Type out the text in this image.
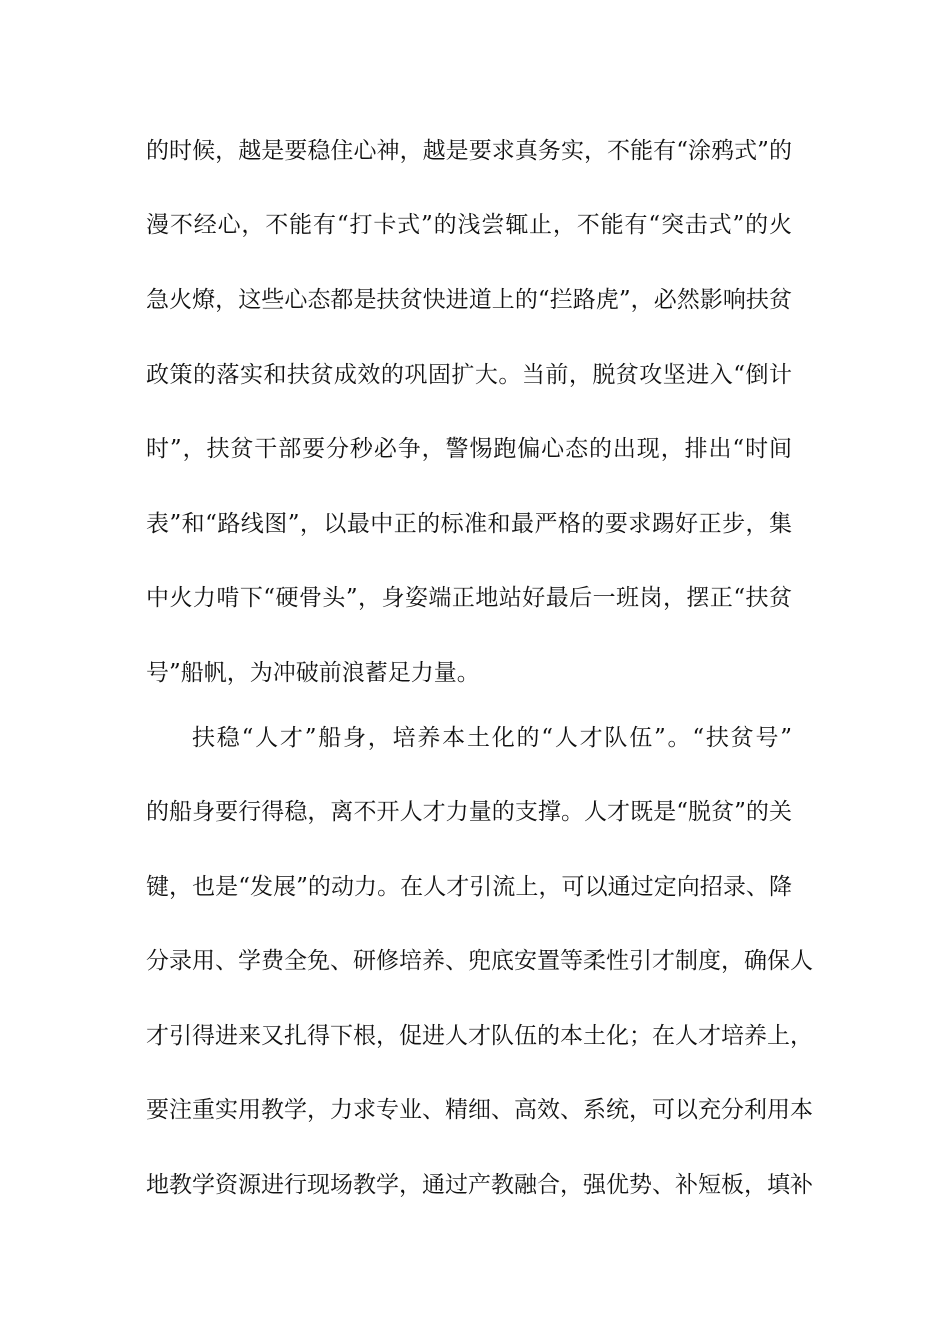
的时候，越是要稳住心神，越是要求真务实，不能有“涂鸦式”的
漫不经心，不能有“打卡式”的浅尝辄止，不能有“突击式”的火
急火燎，这些心态都是扶贫快进道上的“拦路虎”，必然影响扶贫
政策的落实和扶贫成效的巩固扩大。当前，脱贫攻坚进入“倒计
时”，扶贫干部要分秒必争，警惕跑偏心态的出现，排出“时间
表”和“路线图”，以最中正的标准和最严格的要求踢好正步，集
中火力啃下“硬骨头”，身姿端正地站好最后一班岗，摆正“扶贫
号”船帆，为冲破前浪蓄足力量。
扶稳“人才”船身，培养本土化的“人才队伍”。“扶贫号”
的船身要行得稳，离不开人才力量的支撑。人才既是“脱贫”的关
键，也是“发展”的动力。在人才引流上，可以通过定向招录、降
分录用、学费全免、研修培养、兜底安置等柔性引才制度，确保人
才引得进来又扎得下根，促进人才队伍的本土化；在人才培养上，
要注重实用教学，力求专业、精细、高效、系统，可以充分利用本
地教学资源进行现场教学，通过产教融合，强优势、补短板，填补
